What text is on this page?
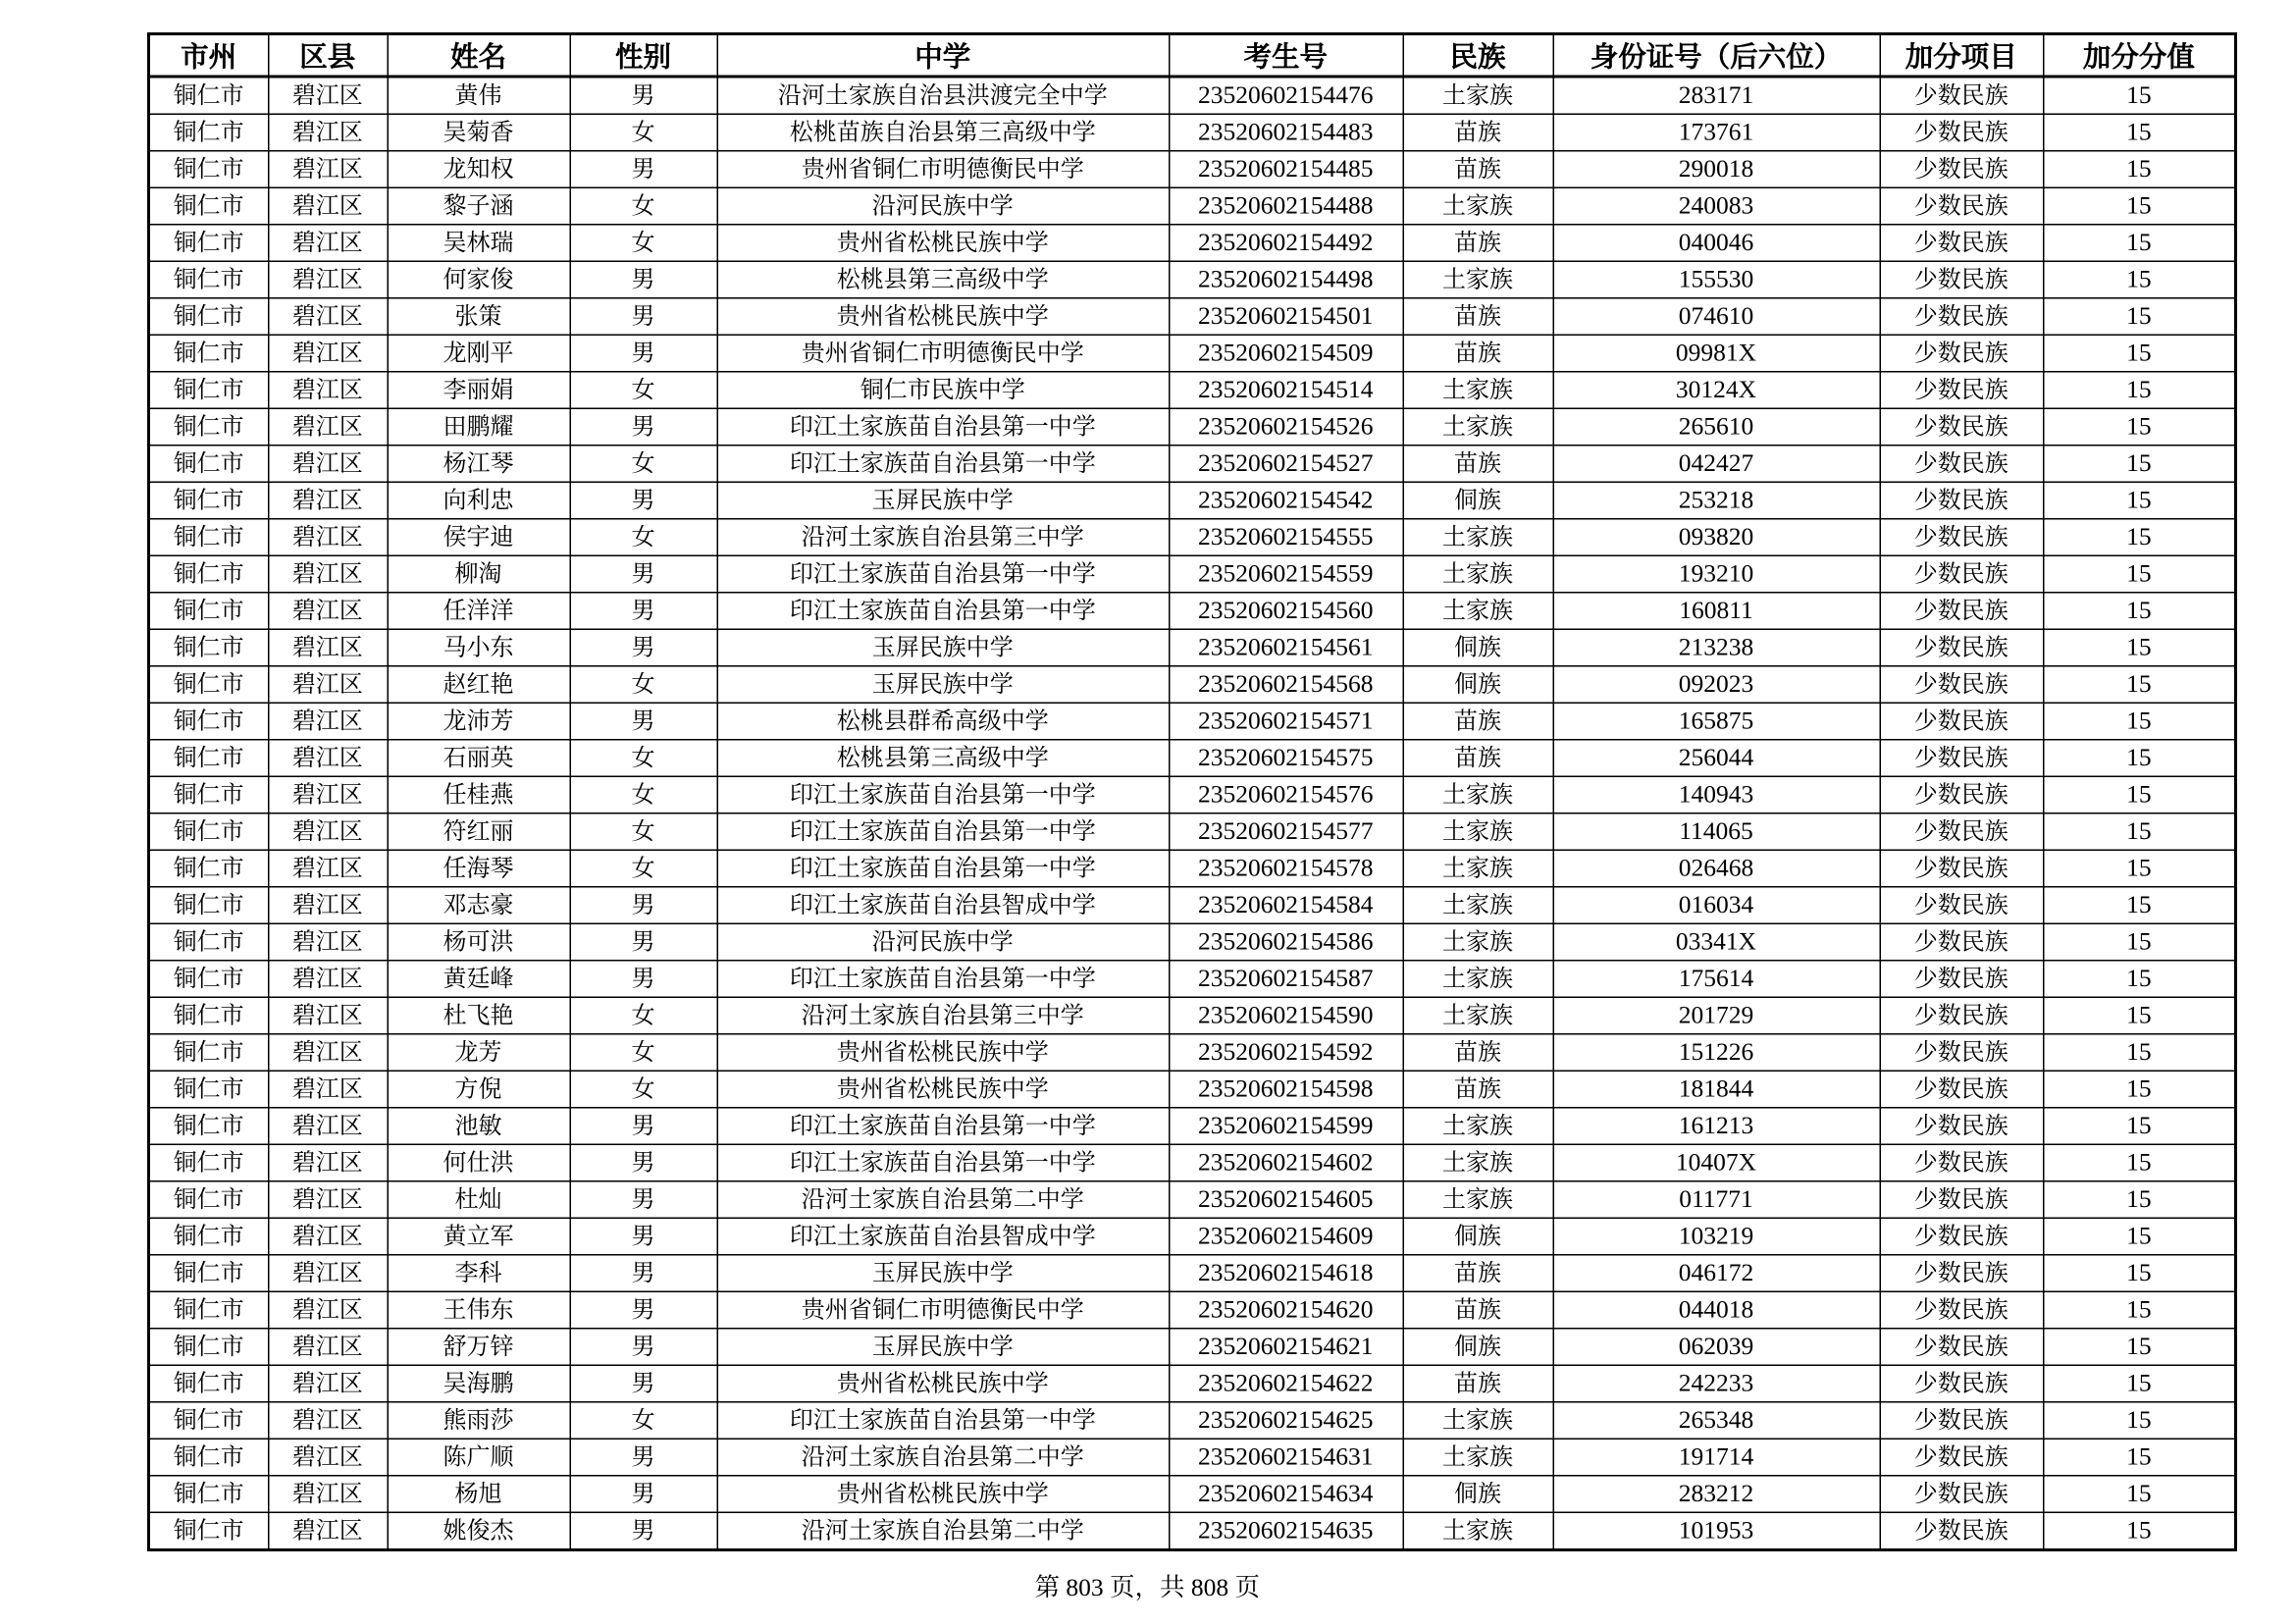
市州	区县	姓名	性别	中学	考生号	民族	身份证号（后六位）	加分项目	加分分值
铜仁市	碧江区	黄伟	男	沿河土家族自治县洪渡完全中学	23520602154476	土家族	283171	少数民族	15
铜仁市	碧江区	吴菊香	女	松桃苗族自治县第三高级中学	23520602154483	苗族	173761	少数民族	15
铜仁市	碧江区	龙知权	男	贵州省铜仁市明德衡民中学	23520602154485	苗族	290018	少数民族	15
铜仁市	碧江区	黎子涵	女	沿河民族中学	23520602154488	土家族	240083	少数民族	15
铜仁市	碧江区	吴林瑞	女	贵州省松桃民族中学	23520602154492	苗族	040046	少数民族	15
铜仁市	碧江区	何家俊	男	松桃县第三高级中学	23520602154498	土家族	155530	少数民族	15
铜仁市	碧江区	张策	男	贵州省松桃民族中学	23520602154501	苗族	074610	少数民族	15
铜仁市	碧江区	龙刚平	男	贵州省铜仁市明德衡民中学	23520602154509	苗族	09981X	少数民族	15
铜仁市	碧江区	李丽娟	女	铜仁市民族中学	23520602154514	土家族	30124X	少数民族	15
铜仁市	碧江区	田鹏耀	男	印江土家族苗自治县第一中学	23520602154526	土家族	265610	少数民族	15
铜仁市	碧江区	杨江琴	女	印江土家族苗自治县第一中学	23520602154527	苗族	042427	少数民族	15
铜仁市	碧江区	向利忠	男	玉屏民族中学	23520602154542	侗族	253218	少数民族	15
铜仁市	碧江区	侯宇迪	女	沿河土家族自治县第三中学	23520602154555	土家族	093820	少数民族	15
铜仁市	碧江区	柳淘	男	印江土家族苗自治县第一中学	23520602154559	土家族	193210	少数民族	15
铜仁市	碧江区	任洋洋	男	印江土家族苗自治县第一中学	23520602154560	土家族	160811	少数民族	15
铜仁市	碧江区	马小东	男	玉屏民族中学	23520602154561	侗族	213238	少数民族	15
铜仁市	碧江区	赵红艳	女	玉屏民族中学	23520602154568	侗族	092023	少数民族	15
铜仁市	碧江区	龙沛芳	男	松桃县群希高级中学	23520602154571	苗族	165875	少数民族	15
铜仁市	碧江区	石丽英	女	松桃县第三高级中学	23520602154575	苗族	256044	少数民族	15
铜仁市	碧江区	任桂燕	女	印江土家族苗自治县第一中学	23520602154576	土家族	140943	少数民族	15
铜仁市	碧江区	符红丽	女	印江土家族苗自治县第一中学	23520602154577	土家族	114065	少数民族	15
铜仁市	碧江区	任海琴	女	印江土家族苗自治县第一中学	23520602154578	土家族	026468	少数民族	15
铜仁市	碧江区	邓志豪	男	印江土家族苗自治县智成中学	23520602154584	土家族	016034	少数民族	15
铜仁市	碧江区	杨可洪	男	沿河民族中学	23520602154586	土家族	03341X	少数民族	15
铜仁市	碧江区	黄廷峰	男	印江土家族苗自治县第一中学	23520602154587	土家族	175614	少数民族	15
铜仁市	碧江区	杜飞艳	女	沿河土家族自治县第三中学	23520602154590	土家族	201729	少数民族	15
铜仁市	碧江区	龙芳	女	贵州省松桃民族中学	23520602154592	苗族	151226	少数民族	15
铜仁市	碧江区	方倪	女	贵州省松桃民族中学	23520602154598	苗族	181844	少数民族	15
铜仁市	碧江区	池敏	男	印江土家族苗自治县第一中学	23520602154599	土家族	161213	少数民族	15
铜仁市	碧江区	何仕洪	男	印江土家族苗自治县第一中学	23520602154602	土家族	10407X	少数民族	15
铜仁市	碧江区	杜灿	男	沿河土家族自治县第二中学	23520602154605	土家族	011771	少数民族	15
铜仁市	碧江区	黄立军	男	印江土家族苗自治县智成中学	23520602154609	侗族	103219	少数民族	15
铜仁市	碧江区	李科	男	玉屏民族中学	23520602154618	苗族	046172	少数民族	15
铜仁市	碧江区	王伟东	男	贵州省铜仁市明德衡民中学	23520602154620	苗族	044018	少数民族	15
铜仁市	碧江区	舒万锌	男	玉屏民族中学	23520602154621	侗族	062039	少数民族	15
铜仁市	碧江区	吴海鹏	男	贵州省松桃民族中学	23520602154622	苗族	242233	少数民族	15
铜仁市	碧江区	熊雨莎	女	印江土家族苗自治县第一中学	23520602154625	土家族	265348	少数民族	15
铜仁市	碧江区	陈广顺	男	沿河土家族自治县第二中学	23520602154631	土家族	191714	少数民族	15
铜仁市	碧江区	杨旭	男	贵州省松桃民族中学	23520602154634	侗族	283212	少数民族	15
铜仁市	碧江区	姚俊杰	男	沿河土家族自治县第二中学	23520602154635	土家族	101953	少数民族	15
第 803 页，共 808 页
